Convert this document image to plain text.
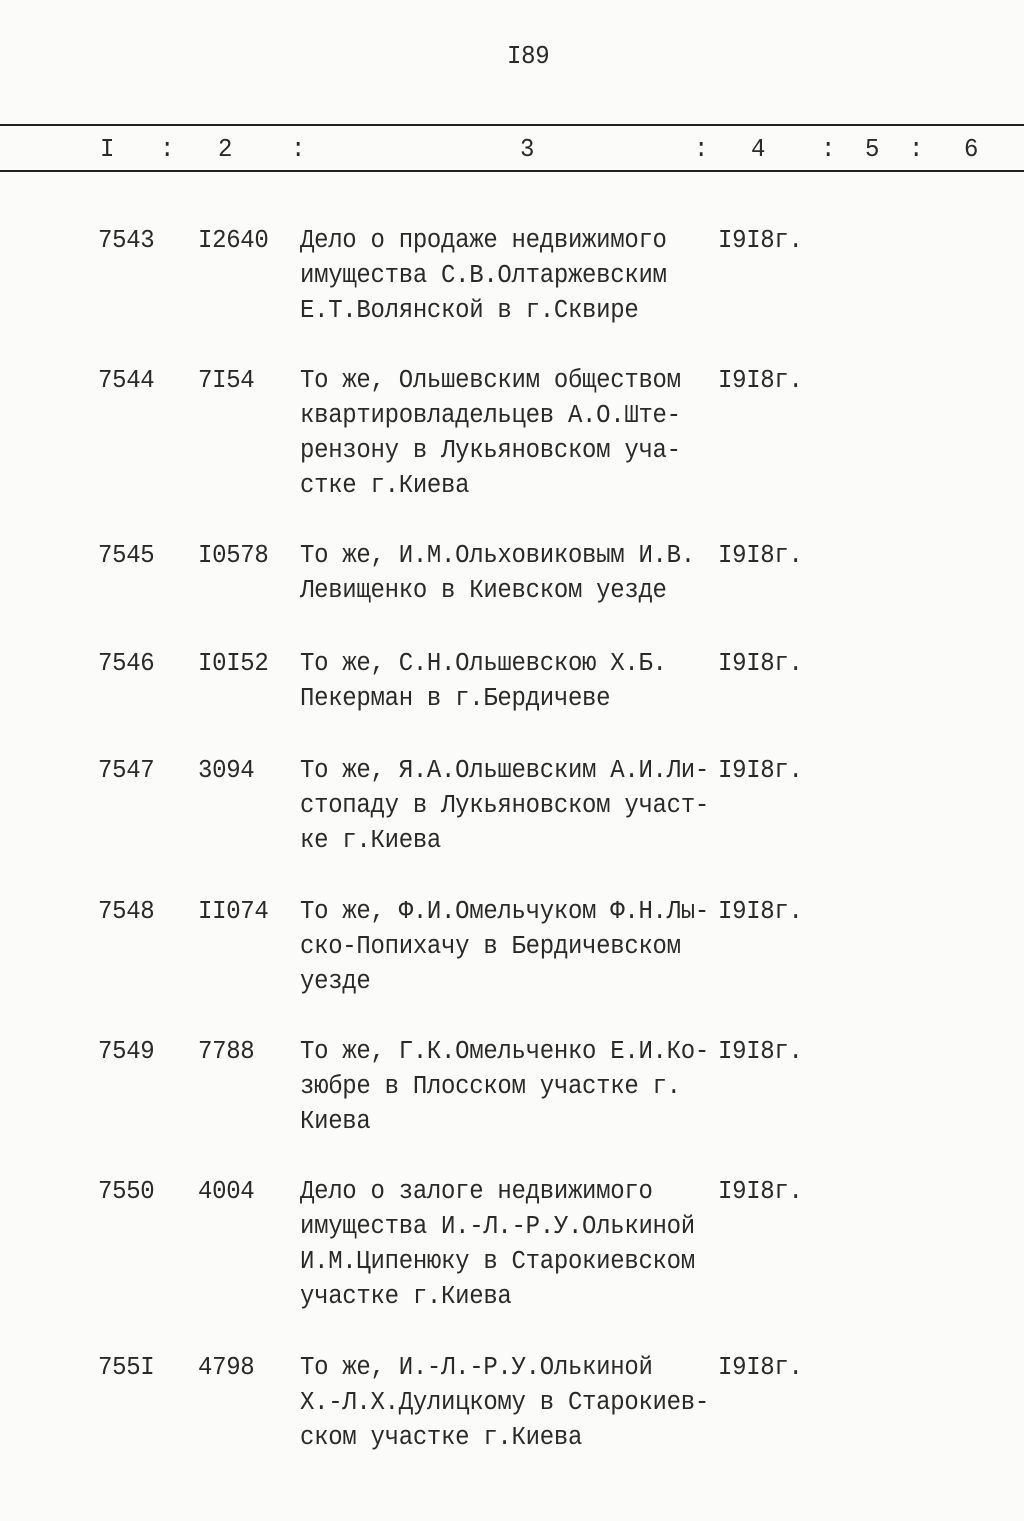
I89
I : 2 :	3	: 4 : 5 : 6
7543 I2640 Дело о продаже недвижимого
имущества С.В.Олтаржевским
Е.Т.Волянской в г.Сквире
I9I8г.
7544 7I54 То же, Ольшевским обществом
квартировладельцев А.О.Ште-
рензону в Лукьяновском уча-
стке г.Киева
I9I8г.
7545 I0578 То же, И.М.Ольховиковым И.В.
Левищенко в Киевском уезде
I9I8г.
7546 I0I52 То же, С.Н.Ольшевскою Х.Б.
Пекерман в г.Бердичеве
I9I8г.
7547 3094 То же, Я.А.Ольшевским А.И.Ли-
стопаду в Лукьяновском участ-
ке г.Киева
I9I8г.
7548 II074 То же, Ф.И.Омельчуком Ф.Н.Лы-
ско-Попихачу в Бердичевском
уезде
I9I8г.
7549 7788 То же, Г.К.Омельченко Е.И.Ко-
зюбре в Плосском участке г.
Киева
I9I8г.
7550 4004 Дело о залоге недвижимого
имущества И.-Л.-Р.У.Олькиной
И.М.Ципенюку в Старокиевском
участке г.Киева
I9I8г.
755I 4798 То же, И.-Л.-Р.У.Олькиной
Х.-Л.Х.Дулицкому в Старокиев-
ском участке г.Киева
I9I8г.
